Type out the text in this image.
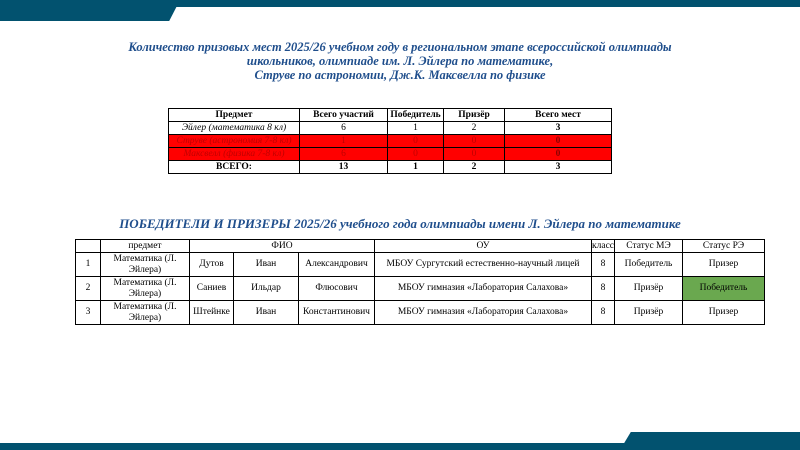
Количество призовых мест 2025/26 учебном году в региональном этапе всероссийской олимпиады
школьников, олимпиаде им. Л. Эйлера по математике,
Струве по астрономии, Дж.К. Максвелла по физике
Предмет	Всего участий	Победитель	Призёр	Всего мест
Эйлер (математика 8 кл)	6	1	2	3
Струве (астрономия 7-8 кл)	1	0	0	0
Максвелл (физика 7-8 кл)	6	0	0	0
ВСЕГО:	13	1	2	3
ПОБЕДИТЕЛИ И ПРИЗЕРЫ 2025/26 учебного года олимпиады имени Л. Эйлера по математике
	предмет	ФИО			ОУ	класс	Статус МЭ	Статус РЭ
1	Математика (Л. Эйлера)	Дутов	Иван	Александрович	МБОУ Сургутский естественно-научный лицей	8	Победитель	Призер
2	Математика (Л. Эйлера)	Саниев	Ильдар	Флюсович	МБОУ гимназия «Лаборатория Салахова»	8	Призёр	Победитель
3	Математика (Л. Эйлера)	Штейнке	Иван	Константинович	МБОУ гимназия «Лаборатория Салахова»	8	Призёр	Призер
